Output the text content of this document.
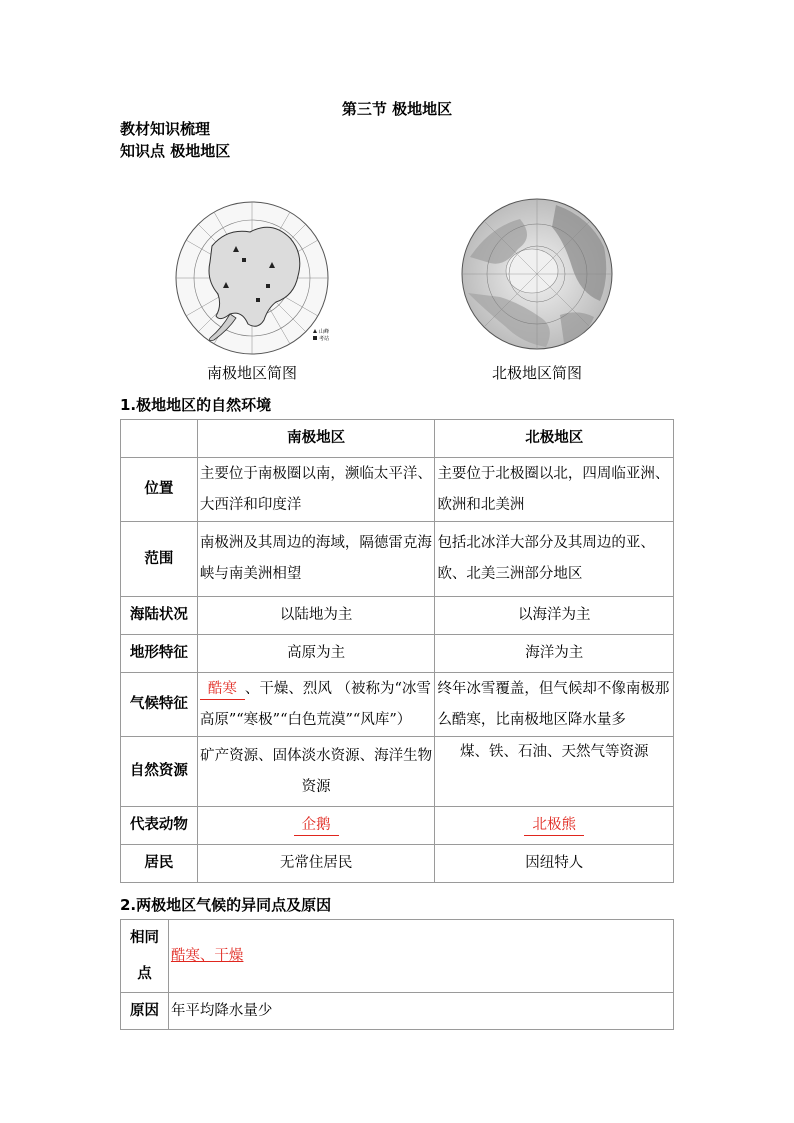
第三节 极地地区
教材知识梳理
知识点 极地地区
山峰
考站
南极地区简图	北极地区简图
1.极地地区的自然环境
	南极地区	北极地区
位置	主要位于南极圈以南，濒临太平洋、大西洋和印度洋	主要位于北极圈以北，四周临亚洲、欧洲和北美洲
范围	南极洲及其周边的海域，隔德雷克海峡与南美洲相望	包括北冰洋大部分及其周边的亚、欧、北美三洲部分地区
海陆状况	以陆地为主	以海洋为主
地形特征	高原为主	海洋为主
气候特征	酷寒 、干燥、烈风 （被称为“冰雪高原”“寒极”“白色荒漠”“风库”）	终年冰雪覆盖，但气候却不像南极那么酷寒，比南极地区降水量多
自然资源	矿产资源、固体淡水资源、海洋生物资源	煤、铁、石油、天然气等资源
代表动物	企鹅	北极熊
居民	无常住居民	因纽特人
2.两极地区气候的异同点及原因
相同点	酷寒、干燥
原因	年平均降水量少
